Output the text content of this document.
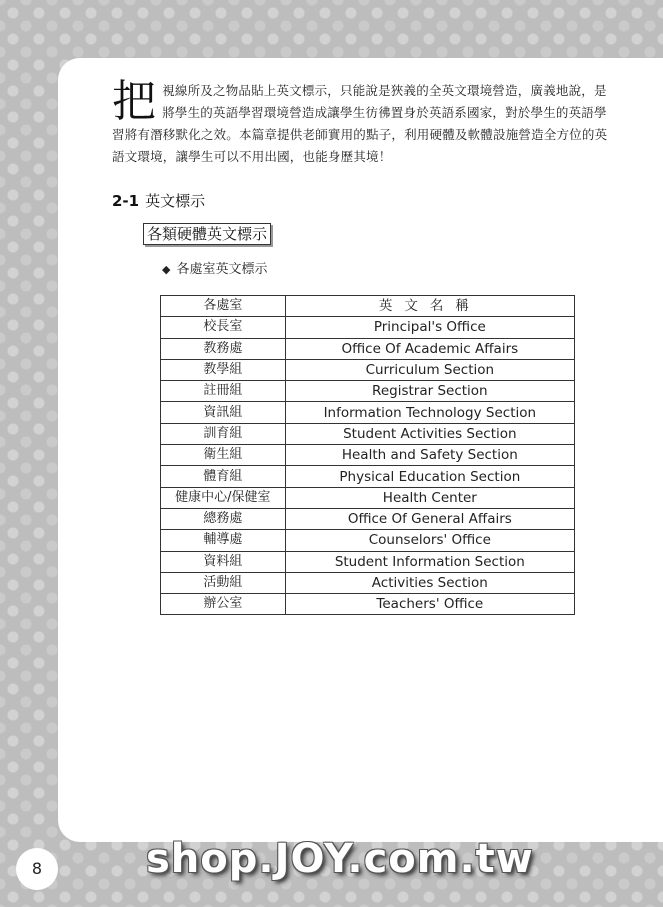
把視線所及之物品貼上英文標示，只能說是狹義的全英文環境營造，廣義地說，是將學生的英語學習環境營造成讓學生彷彿置身於英語系國家，對於學生的英語學習將有潛移默化之效。本篇章提供老師實用的點子，利用硬體及軟體設施營造全方位的英語文環境，讓學生可以不用出國，也能身歷其境！
2-1 英文標示
各類硬體英文標示
◆ 各處室英文標示
各處室	英文名稱
校長室	Principal's Office
教務處	Office Of Academic Affairs
教學組	Curriculum Section
註冊組	Registrar Section
資訊組	Information Technology Section
訓育組	Student Activities Section
衛生組	Health and Safety Section
體育組	Physical Education Section
健康中心/保健室	Health Center
總務處	Office Of General Affairs
輔導處	Counselors' Office
資料組	Student Information Section
活動組	Activities Section
辦公室	Teachers' Office
8	shop.JOY.com.tw
